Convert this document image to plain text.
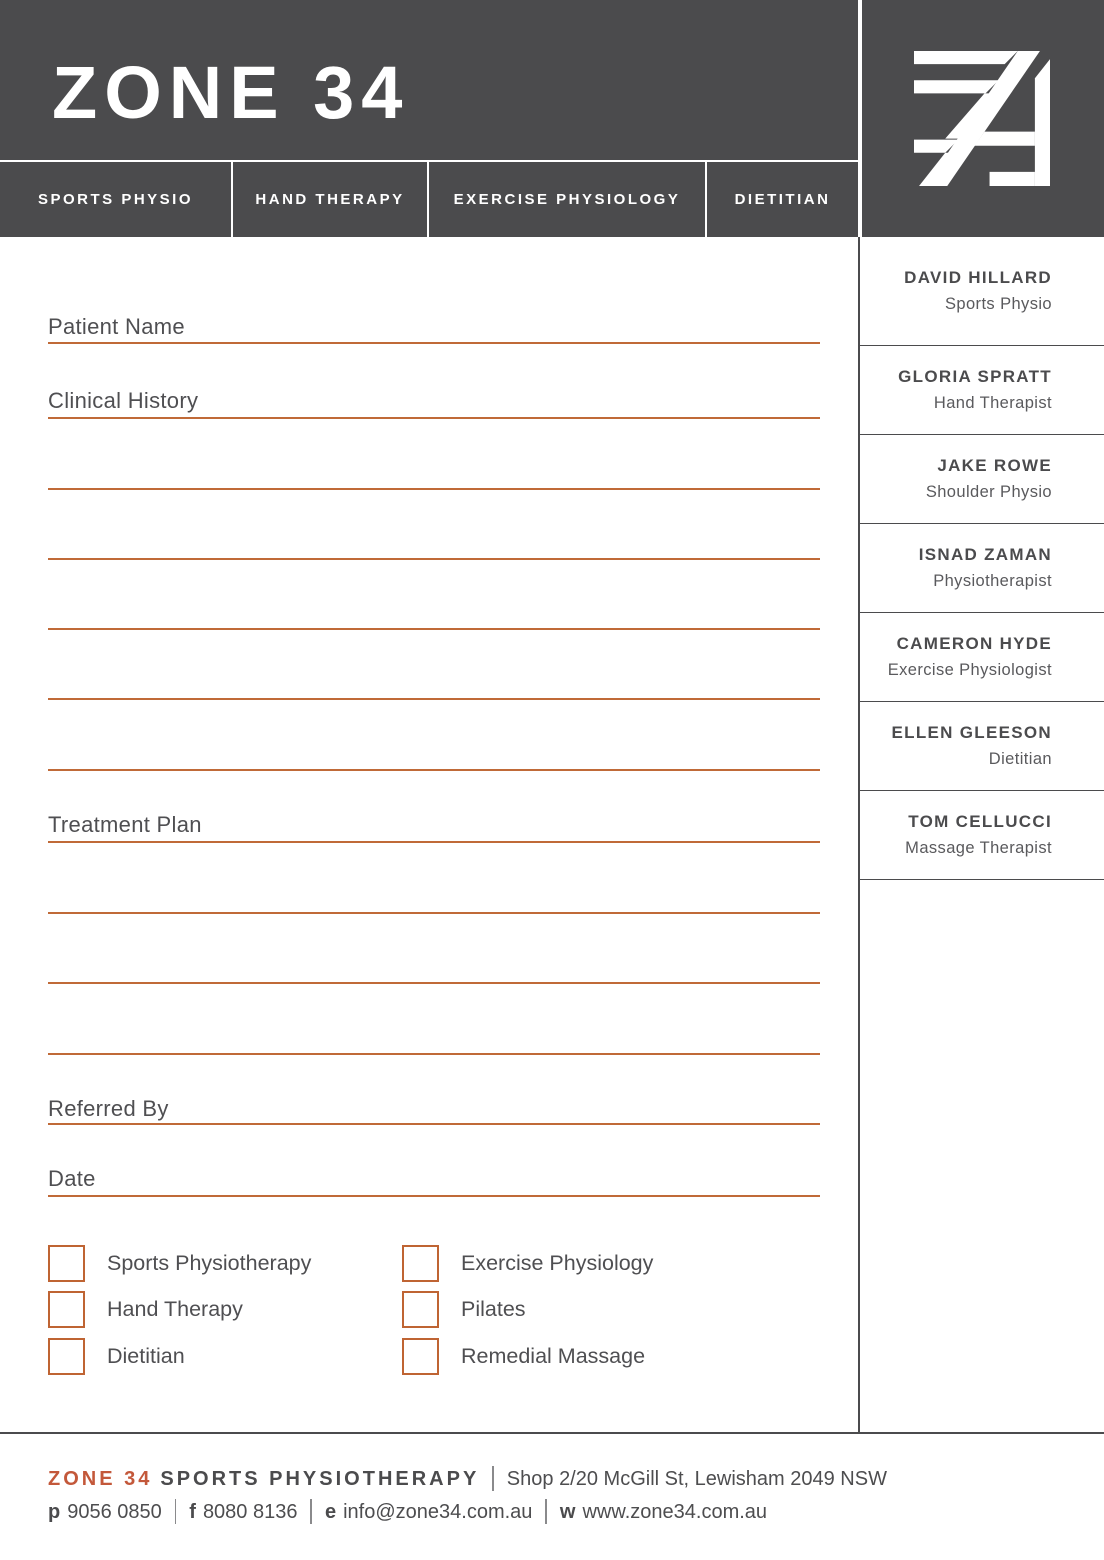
ZONE 34
SPORTS PHYSIO	HAND THERAPY	EXERCISE PHYSIOLOGY	DIETITIAN
DAVID HILLARD
Sports Physio
GLORIA SPRATT
Hand Therapist
JAKE ROWE
Shoulder Physio
ISNAD ZAMAN
Physiotherapist
CAMERON HYDE
Exercise Physiologist
ELLEN GLEESON
Dietitian
TOM CELLUCCI
Massage Therapist
Patient Name
Clinical History
Treatment Plan
Referred By
Date
Sports Physiotherapy
Hand Therapy
Dietitian
Exercise Physiology
Pilates
Remedial Massage
ZONE 34 SPORTS PHYSIOTHERAPY Shop 2/20 McGill St, Lewisham 2049 NSW
p 9056 0850 f 8080 8136 e info@zone34.com.au w www.zone34.com.au
